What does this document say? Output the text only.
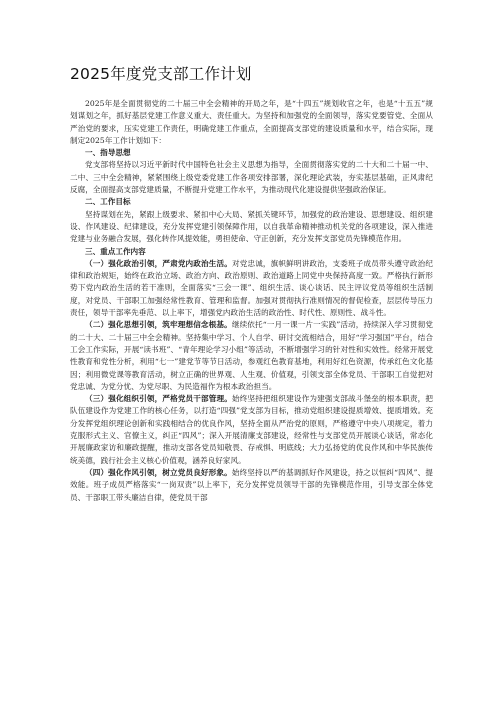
2025年度党支部工作计划

2025年是全面贯彻党的二十届三中全会精神的开局之年，是“十四五”规划收官之年，也是“十五五”规划谋划之年，抓好基层党建工作意义重大、责任重大。为坚持和加强党的全面领导，落实党要管党、全面从严治党的要求，压实党建工作责任，明确党建工作重点，全面提高支部党的建设质量和水平，结合实际，现制定2025年工作计划如下：

一、指导思想

党支部将坚持以习近平新时代中国特色社会主义思想为指导，全面贯彻落实党的二十大和二十届一中、二中、三中全会精神，紧紧围绕上级党委党建工作各项安排部署，深化理论武装，夯实基层基础，正风肃纪反腐，全面提高支部党建质量，不断提升党建工作水平，为推动现代化建设提供坚强政治保证。

二、工作目标

坚持谋划在先，紧跟上级要求、紧扣中心大局、紧抓关键环节，加强党的政治建设、思想建设、组织建设、作风建设、纪律建设，充分发挥党建引领保障作用，以自我革命精神推动机关党的各项建设，深入推进党建与业务融合发展，强化转作风提效能，勇担使命、守正创新，充分发挥支部党员先锋模范作用。

三、重点工作内容

（一）强化政治引领，严肃党内政治生活。对党忠诚，旗帜鲜明讲政治，支委班子成员带头遵守政治纪律和政治规矩，始终在政治立场、政治方向、政治原则、政治道路上同党中央保持高度一致。严格执行新形势下党内政治生活的若干准则，全面落实“三会一课”、组织生活、谈心谈话、民主评议党员等组织生活制度，对党员、干部职工加强经常性教育、管理和监督。加强对贯彻执行准则情况的督促检查，层层传导压力责任，领导干部率先垂范、以上率下，增强党内政治生活的政治性、时代性、原则性、战斗性。

（二）强化思想引领，筑牢理想信念根基。继续依托“一月一课一片一实践”活动，持续深入学习贯彻党的二十大、二十届三中全会精神。坚持集中学习、个人自学、研讨交流相结合，用好“学习强国”平台，结合工会工作实际，开展“读书班”、“青年理论学习小组”等活动，不断增强学习的针对性和实效性。经常开展党性教育和党性分析，利用“七一”建党节等节日活动，参观红色教育基地，利用好红色资源，传承红色文化基因；利用微党课等教育活动，树立正确的世界观、人生观、价值观，引领支部全体党员、干部职工自觉把对党忠诚、为党分忧、为党尽职、为民造福作为根本政治担当。

（三）强化组织引领，严格党员干部管理。始终坚持把组织建设作为建强支部战斗堡垒的根本职责，把队伍建设作为党建工作的核心任务，以打造“四强”党支部为目标，推动党组织建设提质增效、提质增效。充分发挥党组织理论创新和实践相结合的优良作风，坚持全面从严治党的原则，严格遵守中央八项规定，着力克服形式主义、官僚主义，纠正“四风”；深入开展清廉支部建设，经常性与支部党员开展谈心谈话，常态化开展廉政家访和廉政提醒，推动支部各党员知敬畏、存戒惧、明底线；大力弘扬党的优良作风和中华民族传统美德，践行社会主义核心价值观，涵养良好家风。

（四）强化作风引领，树立党员良好形象。始终坚持以严的基调抓好作风建设，持之以恒纠“四风”、提效能。班子成员严格落实“一岗双责”以上率下，充分发挥党员领导干部的先锋模范作用，引导支部全体党员、干部职工带头廉洁自律，使党员干部
